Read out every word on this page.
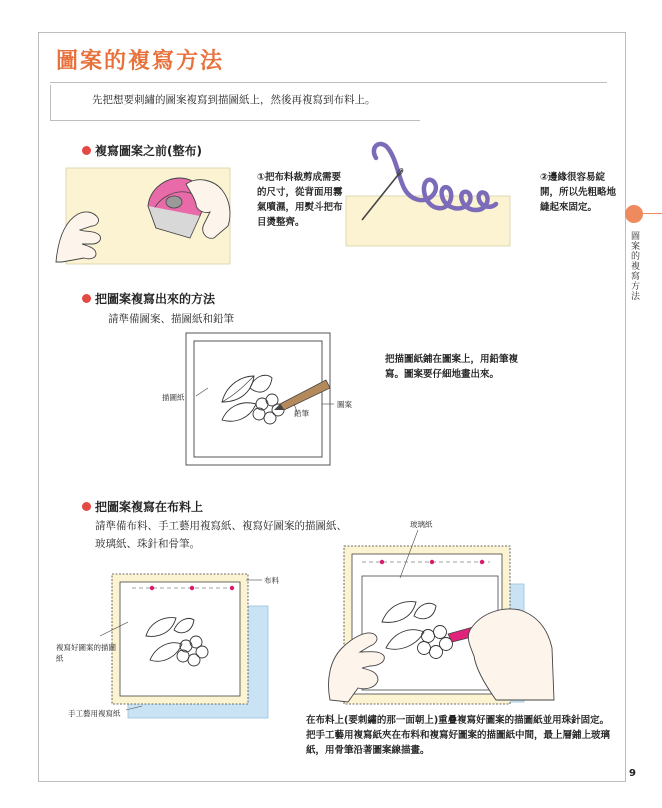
圖案的複寫方法
先把想要刺繡的圖案複寫到描圖紙上，然後再複寫到布料上。
圖案的複寫方法
複寫圖案之前(整布)
①把布料裁剪成需要的尺寸，從背面用霧氣噴濕，用熨斗把布目燙整齊。
②邊緣很容易綻開，所以先粗略地縫起來固定。
把圖案複寫出來的方法
請準備圖案、描圖紙和鉛筆
把描圖紙鋪在圖案上，用鉛筆複寫。圖案要仔細地畫出來。
描圖紙
鉛筆
圖案
把圖案複寫在布料上
請準備布料、手工藝用複寫紙、複寫好圖案的描圖紙、玻璃紙、珠針和骨筆。
布料
複寫好圖案的描圖紙
手工藝用複寫紙
玻璃紙
在布料上(要刺繡的那一面朝上)重疊複寫好圖案的描圖紙並用珠針固定。把手工藝用複寫紙夾在布料和複寫好圖案的描圖紙中間，最上層鋪上玻璃紙，用骨筆沿著圖案線描畫。
9
